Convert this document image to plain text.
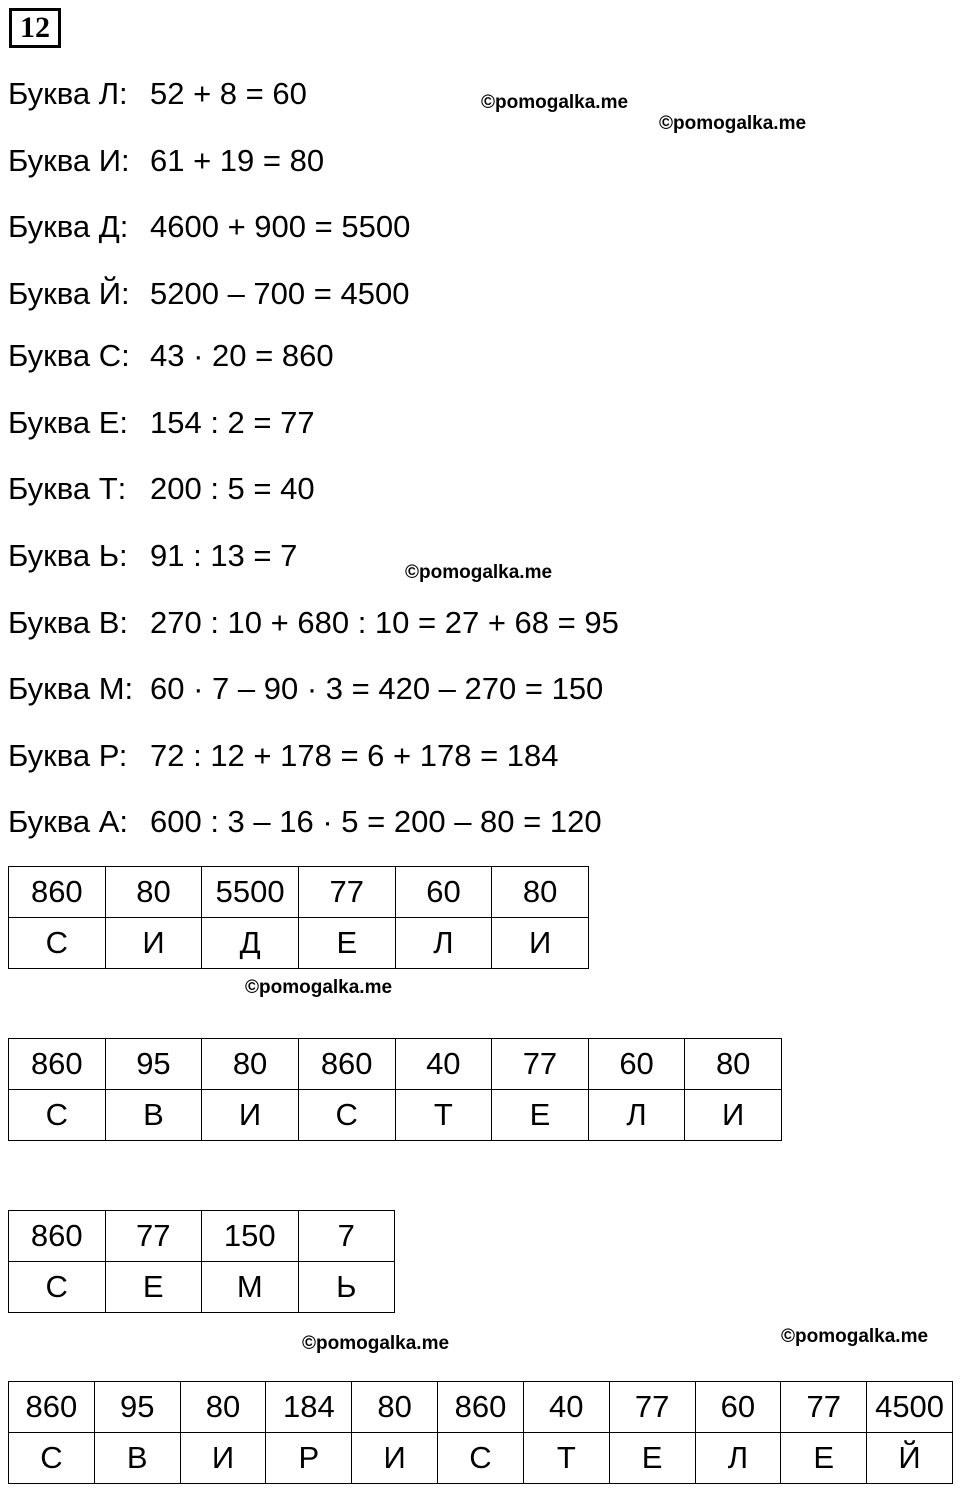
12
Буква Л: 52 + 8 = 60
Буква И: 61 + 19 = 80
Буква Д: 4600 + 900 = 5500
Буква Й: 5200 – 700 = 4500
Буква С: 43 · 20 = 860
Буква Е: 154 : 2 = 77
Буква Т: 200 : 5 = 40
Буква Ь: 91 : 13 = 7
Буква В: 270 : 10 + 680 : 10 = 27 + 68 = 95
Буква М: 60 · 7 – 90 · 3 = 420 – 270 = 150
Буква Р: 72 : 12 + 178 = 6 + 178 = 184
Буква А: 600 : 3 – 16 · 5 = 200 – 80 = 120
©pomogalka.me
©pomogalka.me
©pomogalka.me
©pomogalka.me
©pomogalka.me	©pomogalka.me
860	80	5500	77	60	80
С	И	Д	Е	Л	И
860	95	80	860	40	77	60	80
С	В	И	С	Т	Е	Л	И
860	77	150	7
С	Е	М	Ь
860	95	80	184	80	860	40	77	60	77	4500
С	В	И	Р	И	С	Т	Е	Л	Е	Й
